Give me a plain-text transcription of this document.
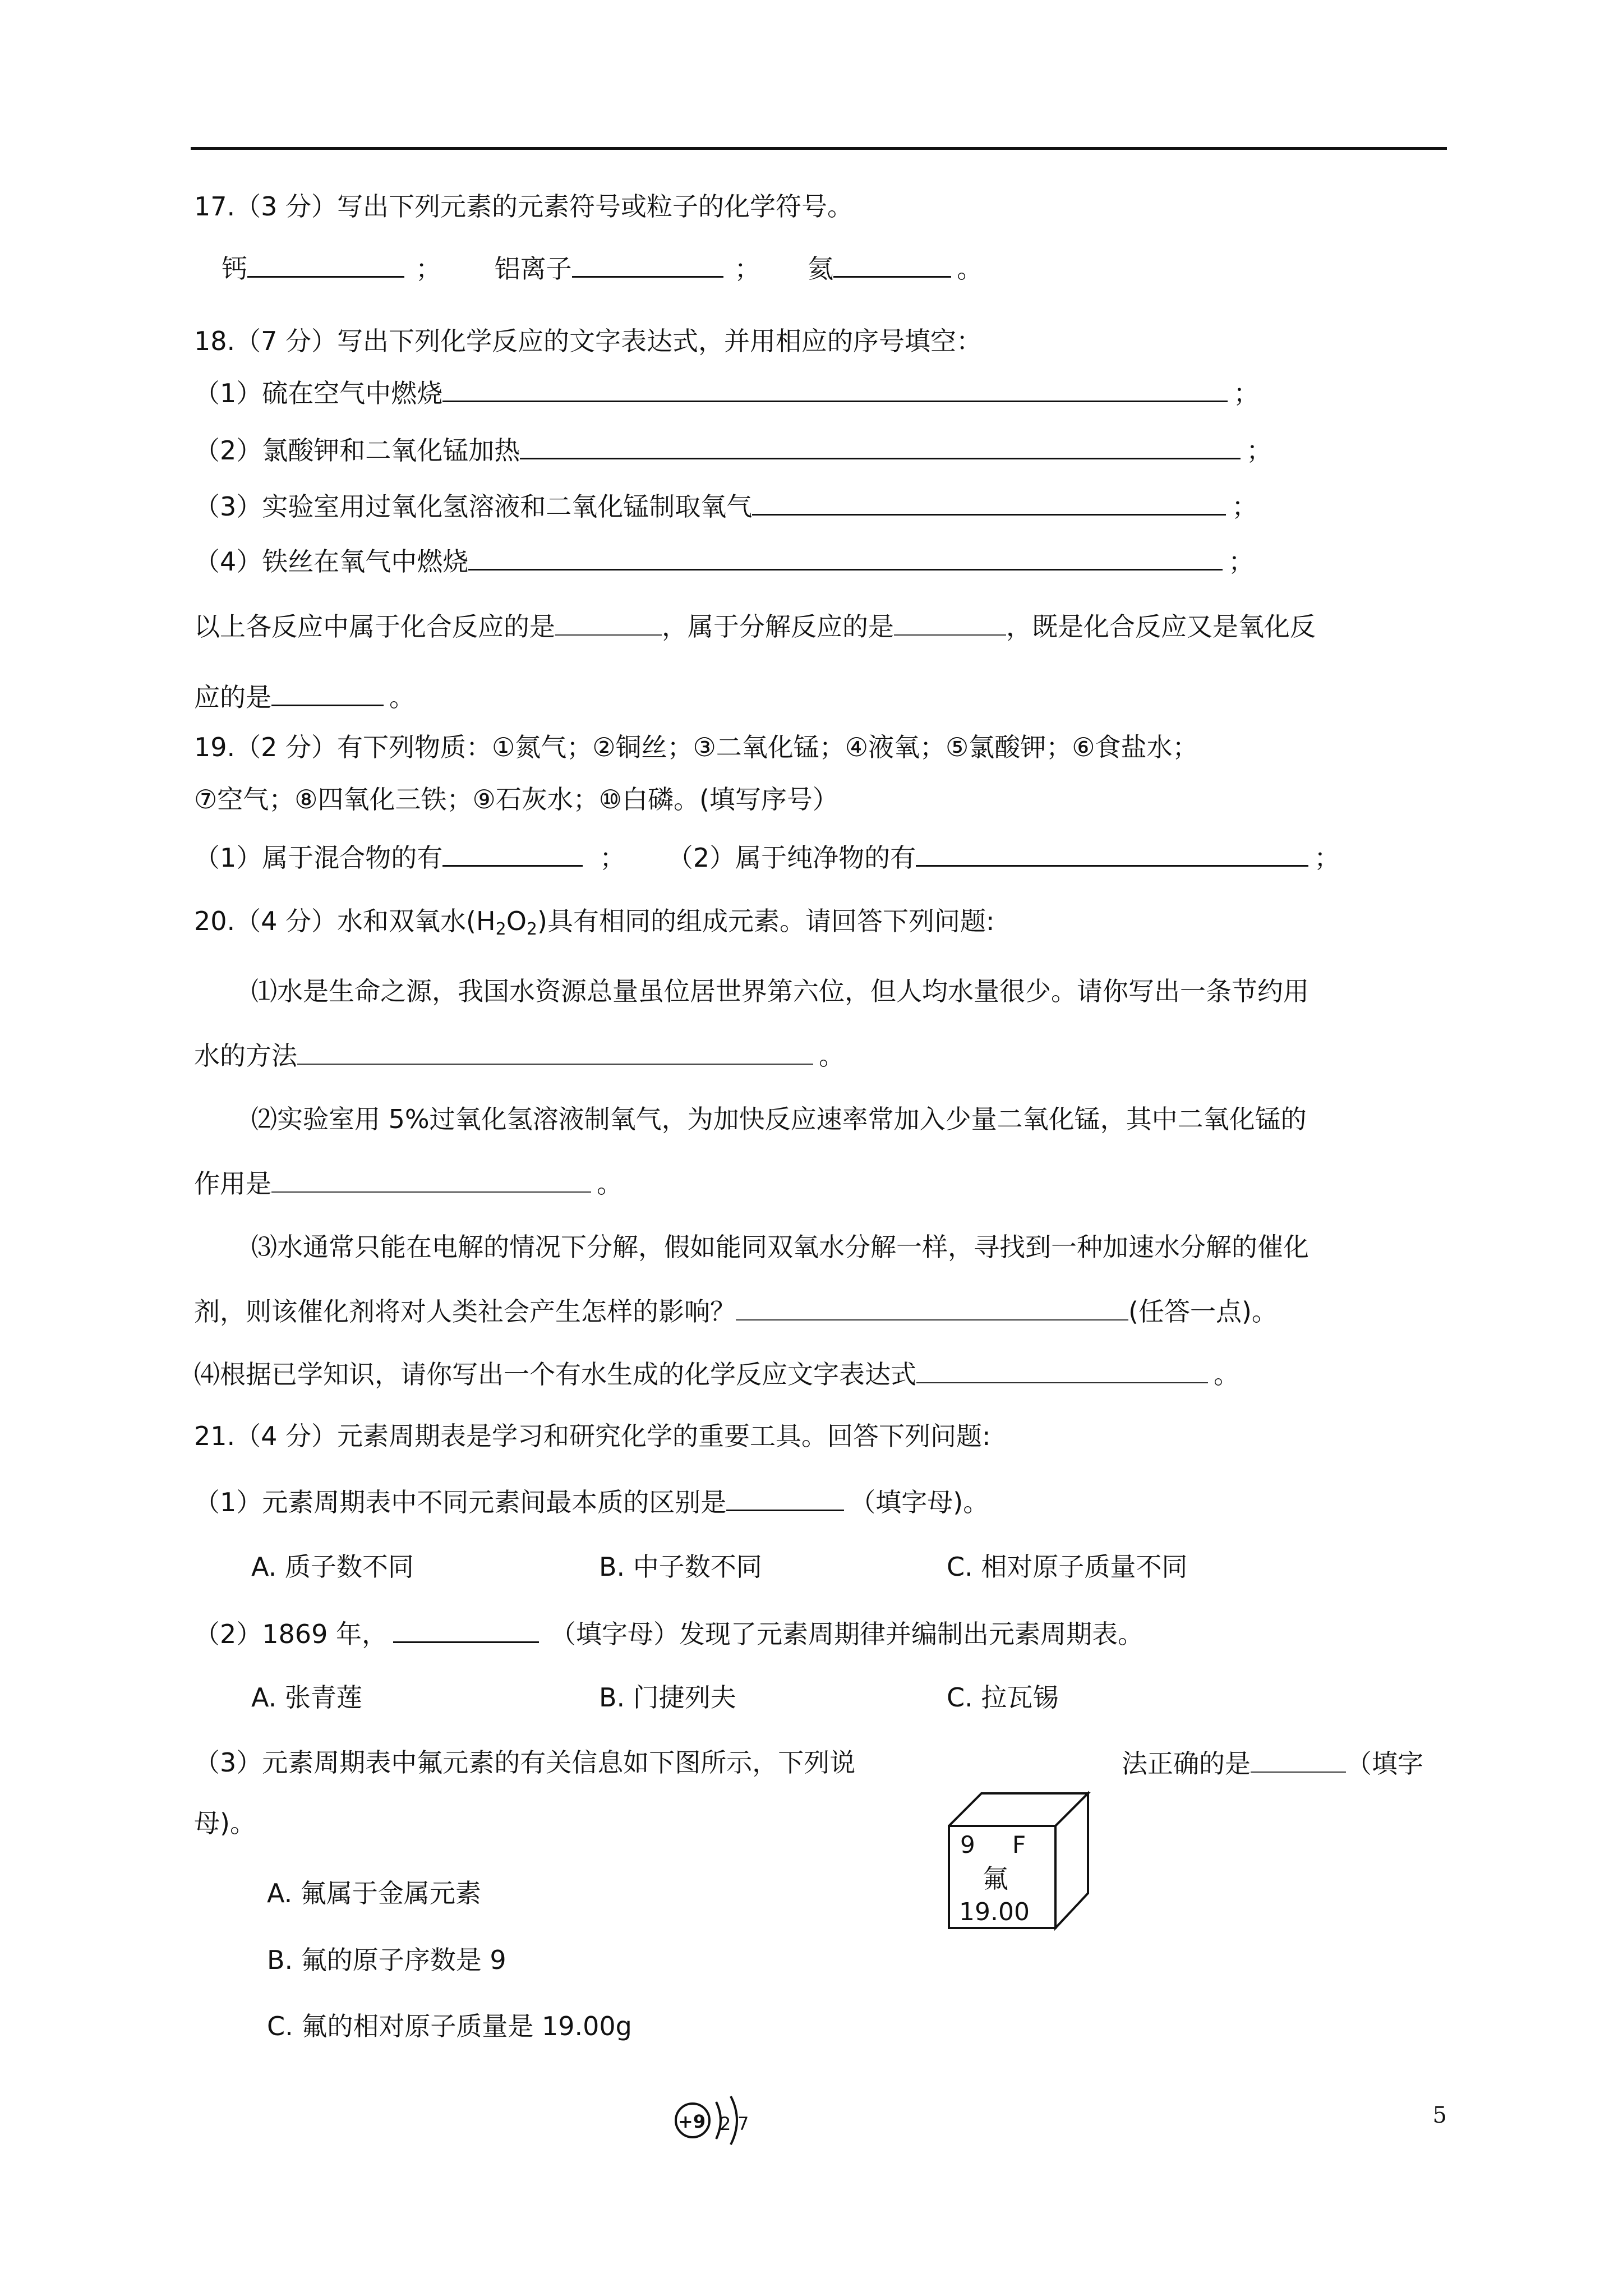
17.（3 分）写出下列元素的元素符号或粒子的化学符号。
钙	； 铝离子	； 氦	。
18.（7 分）写出下列化学反应的文字表达式，并用相应的序号填空：
（1）硫在空气中燃烧	；
（2）氯酸钾和二氧化锰加热	；
（3）实验室用过氧化氢溶液和二氧化锰制取氧气	；
（4）铁丝在氧气中燃烧	；
以上各反应中属于化合反应的是	，属于分解反应的是	，既是化合反应又是氧化反
应的是	。
19.（2 分）有下列物质：①氮气；②铜丝；③二氧化锰；④液氧；⑤氯酸钾；⑥食盐水；
⑦空气；⑧四氧化三铁；⑨石灰水；⑩白磷。(填写序号）
（1）属于混合物的有	； （2）属于纯净物的有	；
20.（4 分）水和双氧水$(H_2O_2)$具有相同的组成元素。请回答下列问题:
⑴水是生命之源，我国水资源总量虽位居世界第六位，但人均水量很少。请你写出一条节约用
水的方法	。
⑵实验室用 5%过氧化氢溶液制氧气，为加快反应速率常加入少量二氧化锰，其中二氧化锰的
作用是	。
⑶水通常只能在电解的情况下分解，假如能同双氧水分解一样，寻找到一种加速水分解的催化
剂，则该催化剂将对人类社会产生怎样的影响？	(任答一点)。
⑷根据已学知识，请你写出一个有水生成的化学反应文字表达式	。
21.（4 分）元素周期表是学习和研究化学的重要工具。回答下列问题:
（1）元素周期表中不同元素间最本质的区别是	（填字母)。
A. 质子数不同	B. 中子数不同	C. 相对原子质量不同
（2）1869 年，	（填字母）发现了元素周期律并编制出元素周期表。
A. 张青莲	B. 门捷列夫	C. 拉瓦锡
（3）元素周期表中氟元素的有关信息如下图所示，下列说	法正确的是	（填字
母)。
A. 氟属于金属元素
B. 氟的原子序数是 9
C. 氟的相对原子质量是 19.00g
9 F
氟
19.00
+9 2 7	5
